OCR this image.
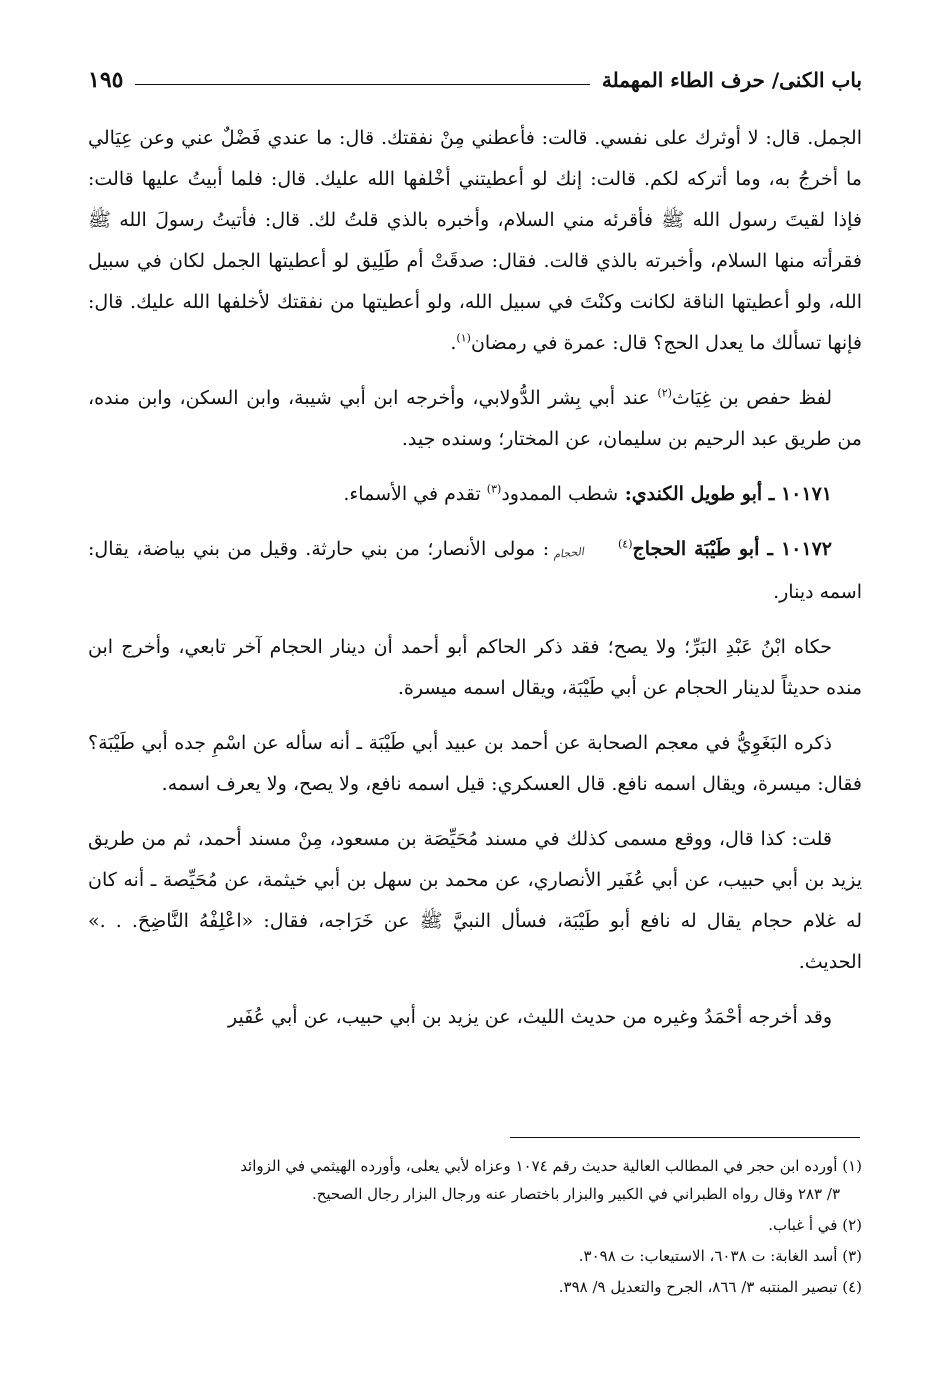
باب الكنى/ حرف الطاء المهملة
١٩٥

الجمل. قال: لا أوثرك على نفسي. قالت: فأعطني مِنْ نفقتك. قال: ما عندي فَضْلٌ عني وعن عِيَالي ما أخرجُ به، وما أتركه لكم. قالت: إنك لو أعطيتني أخْلفها الله عليك. قال: فلما أبيتُ عليها قالت: فإذا لقيتَ رسول الله ﷺ فأقرئه مني السلام، وأخبره بالذي قلتُ لك. قال: فأتيتُ رسولَ الله ﷺ فقرأته منها السلام، وأخبرته بالذي قالت. فقال: صدقَتْ أم طَلِيق لو أعطيتها الجمل لكان في سبيل الله، ولو أعطيتها الناقة لكانت وكنْتَ في سبيل الله، ولو أعطيتها من نفقتك لأخلفها الله عليك. قال: فإنها تسألك ما يعدل الحج؟ قال: عمرة في رمضان$^{(١)}$.

لفظ حفص بن غِيَاث$^{(٢)}$ عند أبي بِشر الدُّولابي، وأخرجه ابن أبي شيبة، وابن السكن، وابن منده، من طريق عبد الرحيم بن سليمان، عن المختار؛ وسنده جيد.

١٠١٧١ ـ أبو طويل الكندي: شطب الممدود$^{(٣)}$ تقدم في الأسماء.

١٠١٧٢ ـ أبو طَيْبَة الحجاج$^{(٤)}$الحجام: مولى الأنصار؛ من بني حارثة. وقيل من بني بياضة، يقال: اسمه دينار.

حكاه ابْنُ عَبْدِ البَرِّ؛ ولا يصح؛ فقد ذكر الحاكم أبو أحمد أن دينار الحجام آخر تابعي، وأخرج ابن منده حديثاً لدينار الحجام عن أبي طَيْبَة، ويقال اسمه ميسرة.

ذكره البَغَوِيُّ في معجم الصحابة عن أحمد بن عبيد أبي طَيْبَة ـ أنه سأله عن اسْمِ جده أبي طَيْبَة؟ فقال: ميسرة، ويقال اسمه نافع. قال العسكري: قيل اسمه نافع، ولا يصح، ولا يعرف اسمه.

قلت: كذا قال، ووقع مسمى كذلك في مسند مُحَيِّصَة بن مسعود، مِنْ مسند أحمد، ثم من طريق يزيد بن أبي حبيب، عن أبي عُفَير الأنصاري، عن محمد بن سهل بن أبي خيثمة، عن مُحَيِّصة ـ أنه كان له غلام حجام يقال له نافع أبو طَيْبَة، فسأل النبيَّ ﷺ عن خَرَاجه، فقال: «اعْلِفْهُ النَّاضِحَ. . .» الحديث.

وقد أخرجه أحْمَدُ وغيره من حديث الليث، عن يزيد بن أبي حبيب، عن أبي عُفَير

(١) أورده ابن حجر في المطالب العالية حديث رقم ١٠٧٤ وعزاه لأبي يعلى، وأورده الهيثمي في الزوائد
٣/ ٢٨٣ وقال رواه الطبراني في الكبير والبزار باختصار عنه ورجال البزار رجال الصحيح.
(٢) في أ غباب.
(٣) أسد الغابة: ت ٦٠٣٨، الاستيعاب: ت ٣٠٩٨.
(٤) تبصير المنتبه ٣/ ٨٦٦، الجرح والتعديل ٩/ ٣٩٨.
